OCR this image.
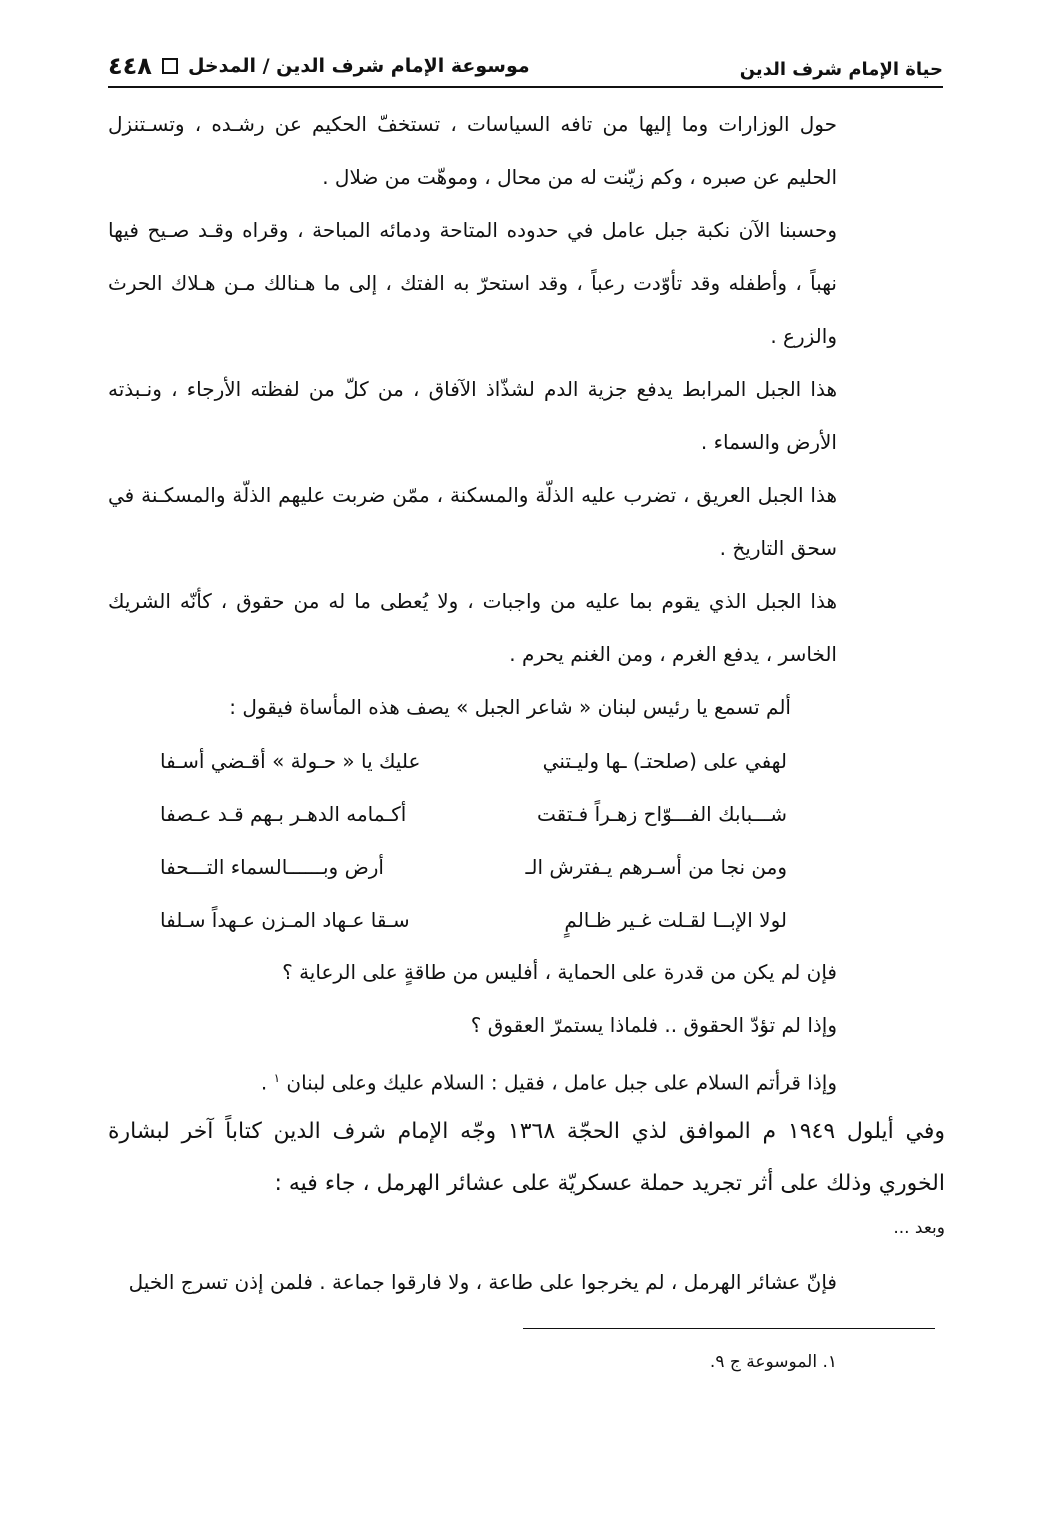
حياة الإمام شرف الدين
موسوعة الإمام شرف الدين / المدخل
٤٤٨

حول الوزارات وما إليها من تافه السياسات ، تستخفّ الحكيم عن رشـده ، وتسـتنزل الحليم عن صبره ، وكم زيّنت له من محال ، وموهّت من ضلال .

وحسبنا الآن نكبة جبل عامل في حدوده المتاحة ودمائه المباحة ، وقراه وقـد صـيح فيها نهباً ، وأطفله وقد تأوّدت رعباً ، وقد استحرّ به الفتك ، إلى ما هـنالك مـن هـلاك الحرث والزرع .

هذا الجبل المرابط يدفع جزية الدم لشذّاذ الآفاق ، من كلّ من لفظته الأرجاء ، ونـبذته الأرض والسماء .

هذا الجبل العريق ، تضرب عليه الذلّة والمسكنة ، ممّن ضربت عليهم الذلّة والمسكـنة في سحق التاريخ .

هذا الجبل الذي يقوم بما عليه من واجبات ، ولا يُعطى ما له من حقوق ، كأنّه الشريك الخاسر ، يدفع الغرم ، ومن الغنم يحرم .

ألم تسمع يا رئيس لبنان « شاعر الجبل » يصف هذه المأساة فيقول :

لهفي على (صلحتـ) ـها وليـتني
عليك يا « حـولة » أقـضي أسـفا
شـــبابك الفـــوّاح زهـراً فـتقت
أكـمامه الدهـر بـهم قـد عـصفا
ومن نجا من أسـرهم يـفترش الـ
أرض وبــــــالسماء التـــحفا
لولا الإبــا لقـلت غـير ظـالمٍ
سـقا عـهاد المـزن عـهداً سـلفا

فإن لم يكن من قدرة على الحماية ، أفليس من طاقةٍ على الرعاية ؟

وإذا لم تؤدّ الحقوق .. فلماذا يستمرّ العقوق ؟

وإذا قرأتم السلام على جبل عامل ، فقيل : السلام عليك وعلى لبنان $^١$ .

وفي أيلول ١٩٤٩ م الموافق لذي الحجّة ١٣٦٨ وجّه الإمام شرف الدين كتاباً آخر لبشارة الخوري وذلك على أثر تجريد حملة عسكريّة على عشائر الهرمل ، جاء فيه :

وبعد ...

فإنّ عشائر الهرمل ، لم يخرجوا على طاعة ، ولا فارقوا جماعة . فلمن إذن تسرج الخيل

١. الموسوعة ج ٩.
